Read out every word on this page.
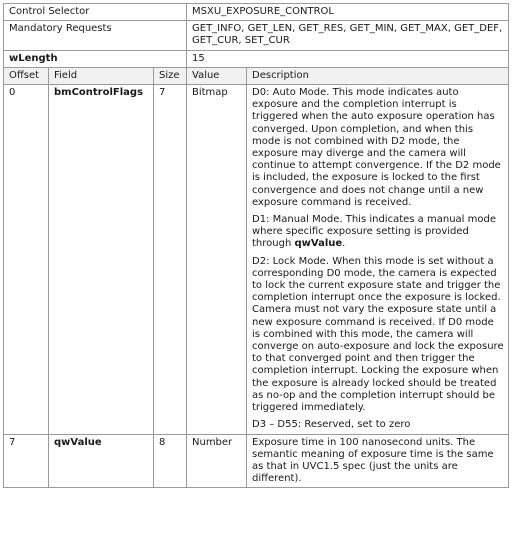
Control Selector			MSXU_EXPOSURE_CONTROL	
Mandatory Requests			GET_INFO, GET_LEN, GET_RES, GET_MIN, GET_MAX, GET_DEF, GET_CUR, SET_CUR	
wLength			15	
Offset	Field	Size	Value	Description
0	bmControlFlags	7	Bitmap	D0: Auto Mode. This mode indicates auto exposure and the completion interrupt is triggered when the auto exposure operation has converged. Upon completion, and when this mode is not combined with D2 mode, the exposure may diverge and the camera will continue to attempt convergence. If the D2 mode is included, the exposure is locked to the first convergence and does not change until a new exposure command is received.

D1: Manual Mode. This indicates a manual mode where specific exposure setting is provided through qwValue.

D2: Lock Mode. When this mode is set without a corresponding D0 mode, the camera is expected to lock the current exposure state and trigger the completion interrupt once the exposure is locked. Camera must not vary the exposure state until a new exposure command is received. If D0 mode is combined with this mode, the camera will converge on auto-exposure and lock the exposure to that converged point and then trigger the completion interrupt. Locking the exposure when the exposure is already locked should be treated as no-op and the completion interrupt should be triggered immediately.

D3 – D55: Reserved, set to zero

7	qwValue	8	Number	Exposure time in 100 nanosecond units. The semantic meaning of exposure time is the same as that in UVC1.5 spec (just the units are different).
